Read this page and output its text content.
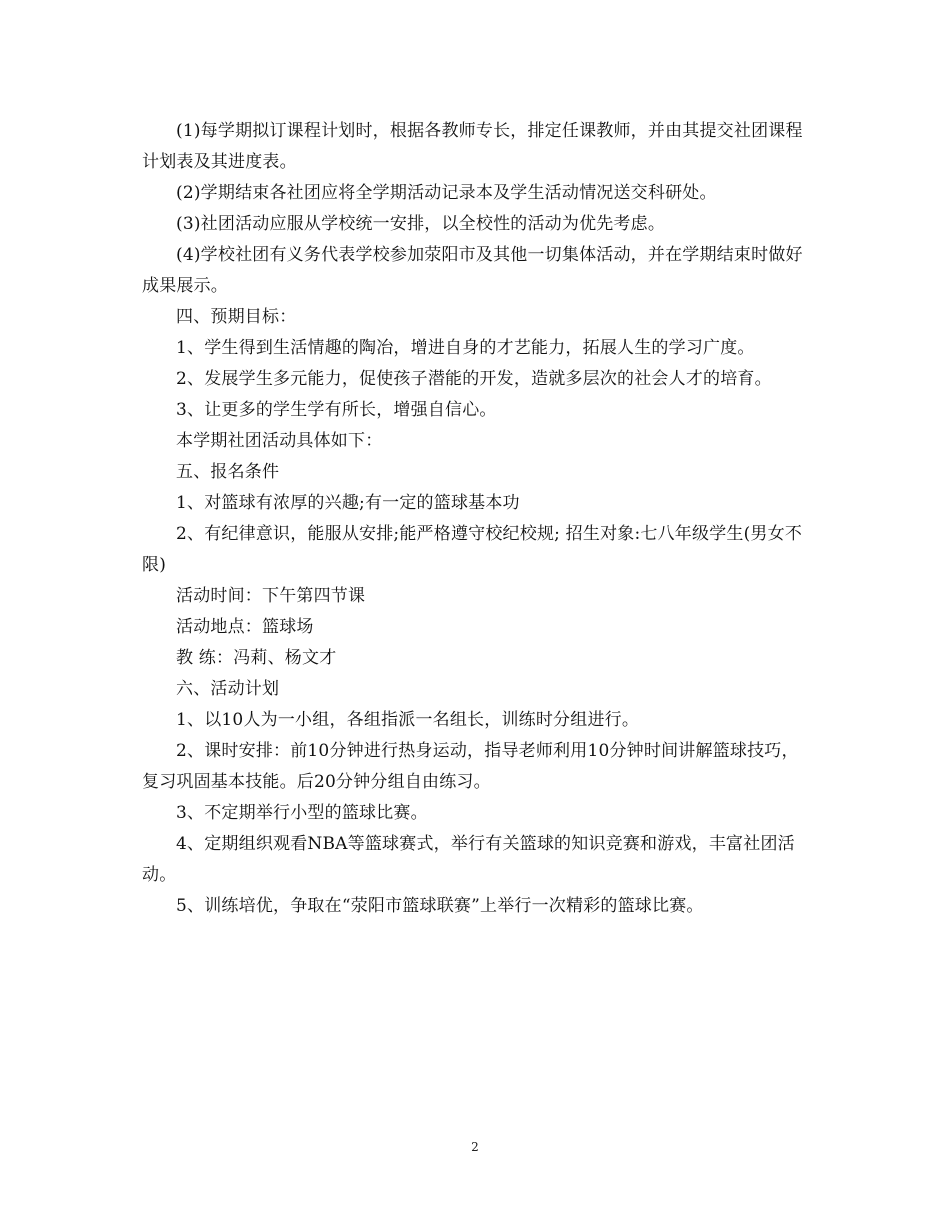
(1)每学期拟订课程计划时，根据各教师专长，排定任课教师，并由其提交社团课程计划表及其进度表。

(2)学期结束各社团应将全学期活动记录本及学生活动情况送交科研处。

(3)社团活动应服从学校统一安排，以全校性的活动为优先考虑。

(4)学校社团有义务代表学校参加荥阳市及其他一切集体活动，并在学期结束时做好成果展示。

四、预期目标：

1、学生得到生活情趣的陶冶，增进自身的才艺能力，拓展人生的学习广度。

2、发展学生多元能力，促使孩子潜能的开发，造就多层次的社会人才的培育。

3、让更多的学生学有所长，增强自信心。

本学期社团活动具体如下：

五、报名条件

1、对篮球有浓厚的兴趣;有一定的篮球基本功

2、有纪律意识，能服从安排;能严格遵守校纪校规; 招生对象:七八年级学生(男女不限)

活动时间：下午第四节课

活动地点：篮球场

教 练：冯莉、杨文才

六、活动计划

1、以10人为一小组，各组指派一名组长，训练时分组进行。

2、课时安排：前10分钟进行热身运动，指导老师利用10分钟时间讲解篮球技巧，复习巩固基本技能。后20分钟分组自由练习。

3、不定期举行小型的篮球比赛。

4、定期组织观看NBA等篮球赛式，举行有关篮球的知识竞赛和游戏，丰富社团活动。

5、训练培优，争取在“荥阳市篮球联赛”上举行一次精彩的篮球比赛。

2
